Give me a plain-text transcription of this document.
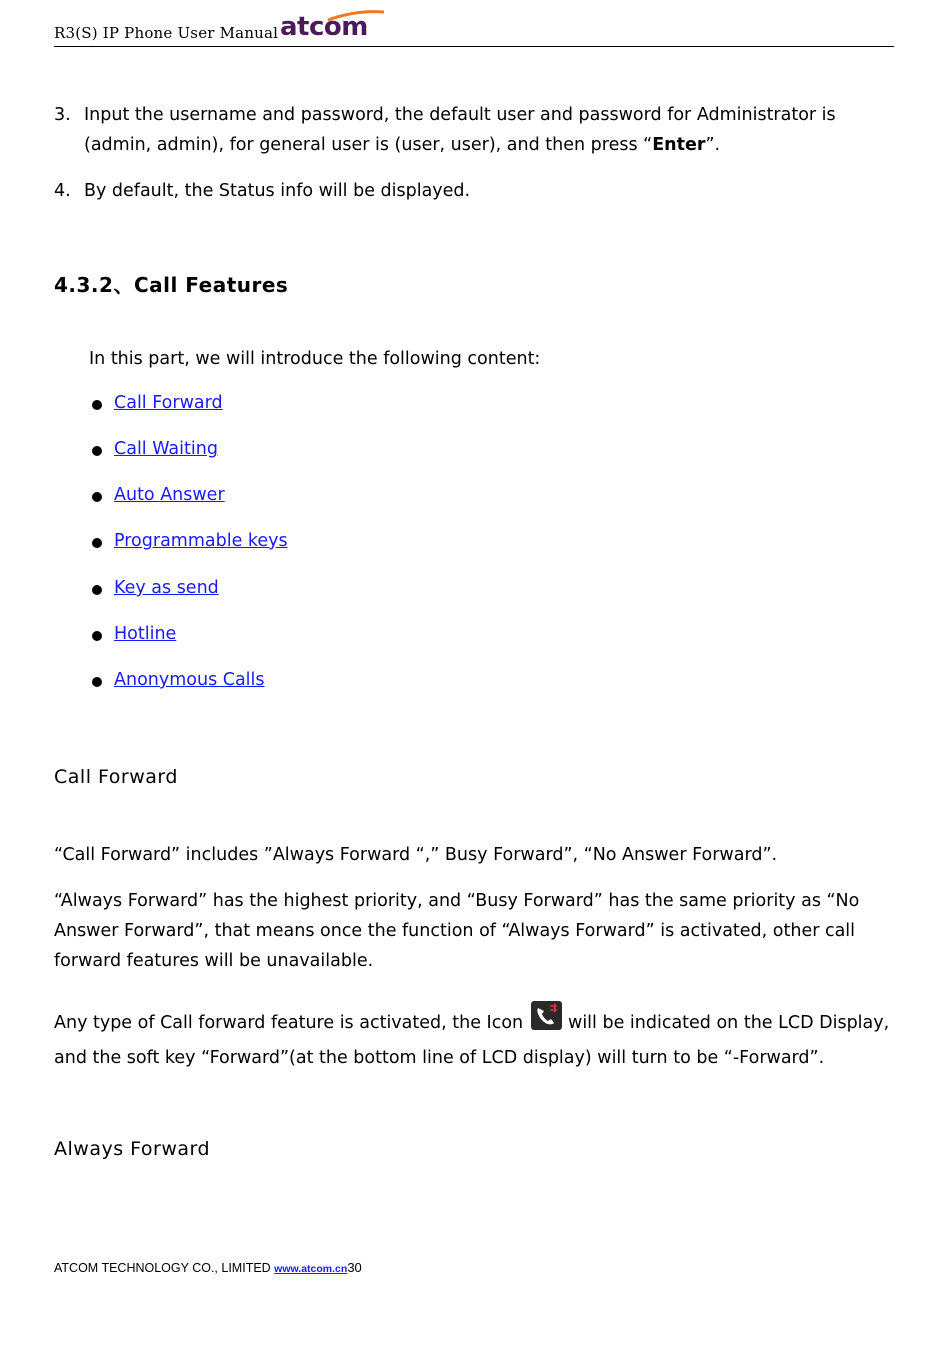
R3(S) IP Phone User Manual atcom
3. Input the username and password, the default user and password for Administrator is
(admin, admin), for general user is (user, user), and then press “Enter”.
4. By default, the Status info will be displayed.
4.3.2、Call Features
In this part, we will introduce the following content:
Call Forward
Call Waiting
Auto Answer
Programmable keys
Key as send
Hotline
Anonymous Calls
Call Forward
“Call Forward” includes ”Always Forward “,” Busy Forward”, “No Answer Forward”.
“Always Forward” has the highest priority, and “Busy Forward” has the same priority as “No
Answer Forward”, that means once the function of “Always Forward” is activated, other call
forward features will be unavailable.
Any type of Call forward feature is activated, the Icon	will be indicated on the LCD Display,
and the soft key “Forward”(at the bottom line of LCD display) will turn to be “-Forward”.
Always Forward
ATCOM TECHNOLOGY CO., LIMITED www.atcom.cn30
